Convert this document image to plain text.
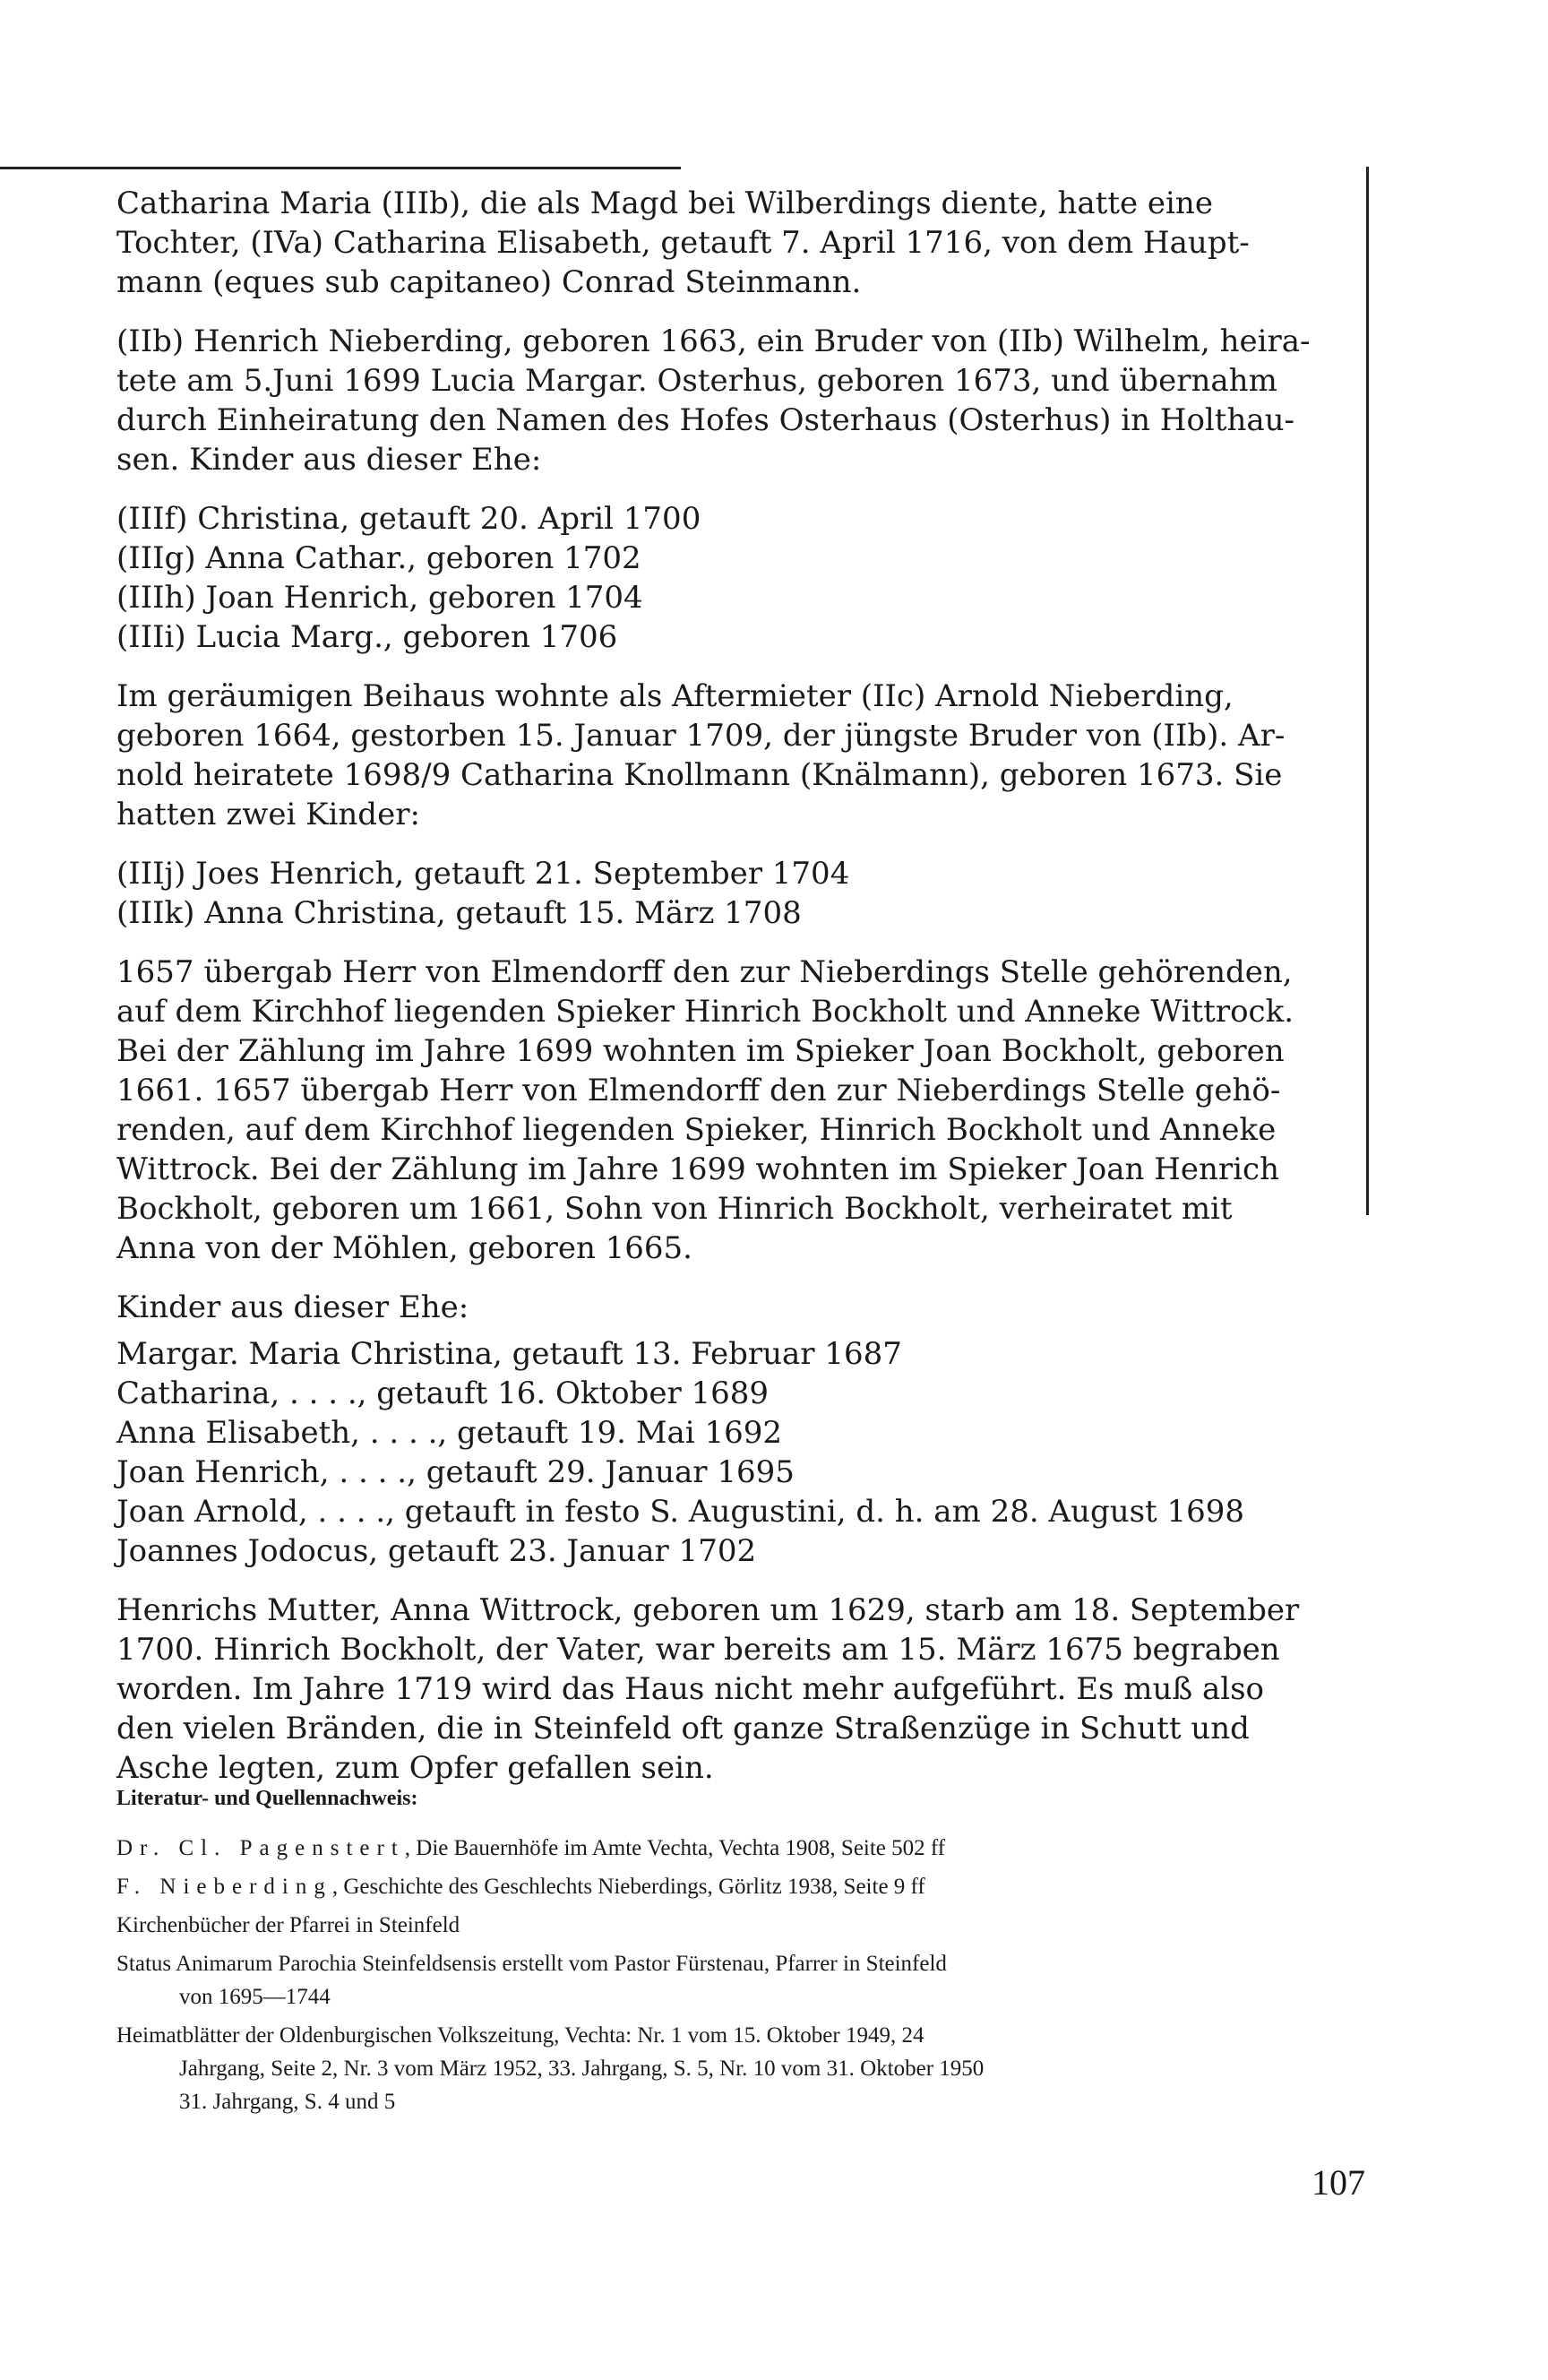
Catharina Maria (IIIb), die als Magd bei Wilberdings diente, hatte eine
Tochter, (IVa) Catharina Elisabeth, getauft 7. April 1716, von dem Haupt-
mann (eques sub capitaneo) Conrad Steinmann.
(IIb) Henrich Nieberding, geboren 1663, ein Bruder von (IIb) Wilhelm, heira-
tete am 5.Juni 1699 Lucia Margar. Osterhus, geboren 1673, und übernahm
durch Einheiratung den Namen des Hofes Osterhaus (Osterhus) in Holthau-
sen. Kinder aus dieser Ehe:
(IIIf) Christina, getauft 20. April 1700
(IIIg) Anna Cathar., geboren 1702
(IIIh) Joan Henrich, geboren 1704
(IIIi) Lucia Marg., geboren 1706
Im geräumigen Beihaus wohnte als Aftermieter (IIc) Arnold Nieberding,
geboren 1664, gestorben 15. Januar 1709, der jüngste Bruder von (IIb). Ar-
nold heiratete 1698/9 Catharina Knollmann (Knälmann), geboren 1673. Sie
hatten zwei Kinder:
(IIIj) Joes Henrich, getauft 21. September 1704
(IIIk) Anna Christina, getauft 15. März 1708
1657 übergab Herr von Elmendorff den zur Nieberdings Stelle gehörenden,
auf dem Kirchhof liegenden Spieker Hinrich Bockholt und Anneke Wittrock.
Bei der Zählung im Jahre 1699 wohnten im Spieker Joan Bockholt, geboren
1661. 1657 übergab Herr von Elmendorff den zur Nieberdings Stelle gehö-
renden, auf dem Kirchhof liegenden Spieker, Hinrich Bockholt und Anneke
Wittrock. Bei der Zählung im Jahre 1699 wohnten im Spieker Joan Henrich
Bockholt, geboren um 1661, Sohn von Hinrich Bockholt, verheiratet mit
Anna von der Möhlen, geboren 1665.
Kinder aus dieser Ehe:
Margar. Maria Christina, getauft 13. Februar 1687
Catharina, . . . ., getauft 16. Oktober 1689
Anna Elisabeth, . . . ., getauft 19. Mai 1692
Joan Henrich, . . . ., getauft 29. Januar 1695
Joan Arnold, . . . ., getauft in festo S. Augustini, d. h. am 28. August 1698
Joannes Jodocus, getauft 23. Januar 1702
Henrichs Mutter, Anna Wittrock, geboren um 1629, starb am 18. September
1700. Hinrich Bockholt, der Vater, war bereits am 15. März 1675 begraben
worden. Im Jahre 1719 wird das Haus nicht mehr aufgeführt. Es muß also
den vielen Bränden, die in Steinfeld oft ganze Straßenzüge in Schutt und
Asche legten, zum Opfer gefallen sein.
Literatur- und Quellennachweis:
Dr. Cl. Pagenstert, Die Bauernhöfe im Amte Vechta, Vechta 1908, Seite 502 ff
F. Nieberding, Geschichte des Geschlechts Nieberdings, Görlitz 1938, Seite 9 ff
Kirchenbücher der Pfarrei in Steinfeld
Status Animarum Parochia Steinfeldsensis erstellt vom Pastor Fürstenau, Pfarrer in Steinfeld
von 1695—1744
Heimatblätter der Oldenburgischen Volkszeitung, Vechta: Nr. 1 vom 15. Oktober 1949, 24
Jahrgang, Seite 2, Nr. 3 vom März 1952, 33. Jahrgang, S. 5, Nr. 10 vom 31. Oktober 1950
31. Jahrgang, S. 4 und 5
107
